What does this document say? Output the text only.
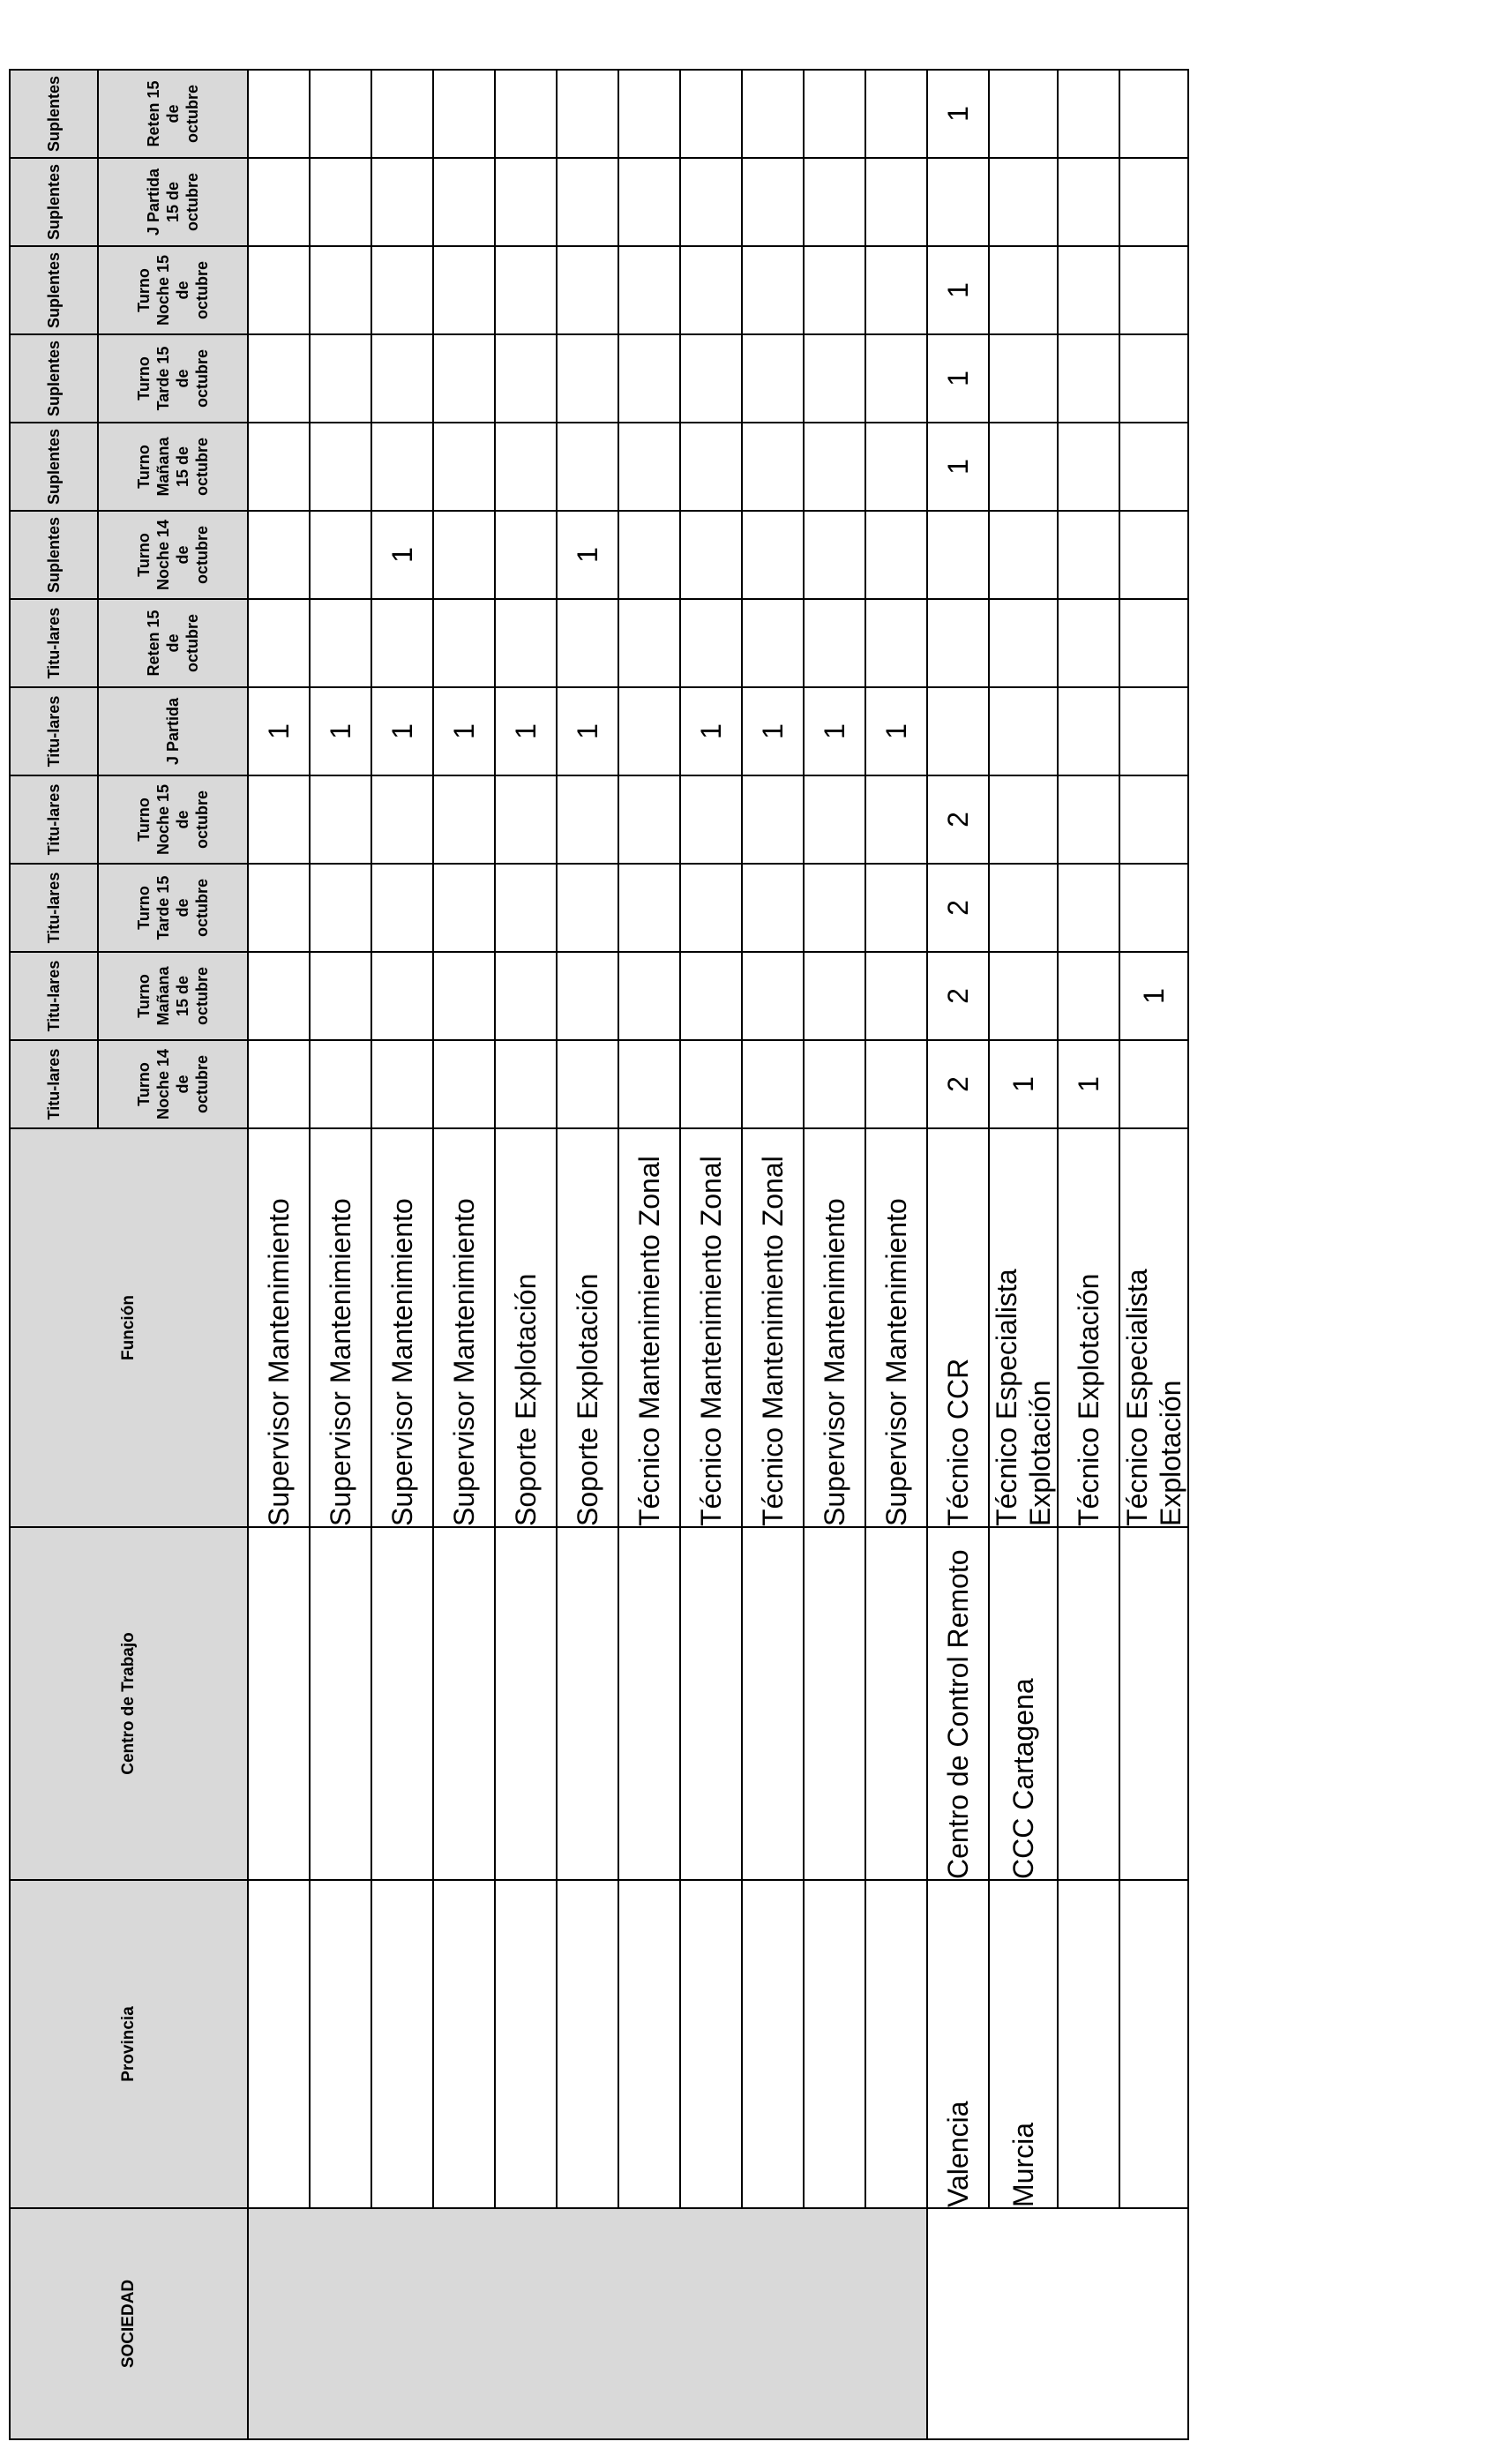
SOCIEDAD	Provincia	Centro de Trabajo	Función	Titu-lares	Titu-lares	Titu-lares	Titu-lares	Titu-lares	Titu-lares	Suplentes	Suplentes	Suplentes	Suplentes	Suplentes	Suplentes

				Turno Noche 14 de octubre	Turno Mañana 15 de octubre	Turno Tarde 15 de octubre	Turno Noche 15 de octubre	J Partida	Reten 15 de octubre	Turno Noche 14 de octubre	Turno Mañana 15 de octubre	Turno Tarde 15 de octubre	Turno Noche 15 de octubre	J Partida 15 de octubre	Reten 15 de octubre

			Supervisor Mantenimiento					1							
			Supervisor Mantenimiento					1							
			Supervisor Mantenimiento					1		1					
			Supervisor Mantenimiento					1							
			Soporte Explotación					1							
			Soporte Explotación					1		1					
			Técnico Mantenimiento Zonal												
			Técnico Mantenimiento Zonal					1							
			Técnico Mantenimiento Zonal					1							
			Supervisor Mantenimiento					1							
			Supervisor Mantenimiento					1							
	Valencia	Centro de Control Remoto	Técnico CCR	2	2	2	2				1	1	1		1
	Murcia	CCC Cartagena	Técnico Especialista Explotación	1											
			Técnico Explotación	1											
			Técnico Especialista Explotación		1										
